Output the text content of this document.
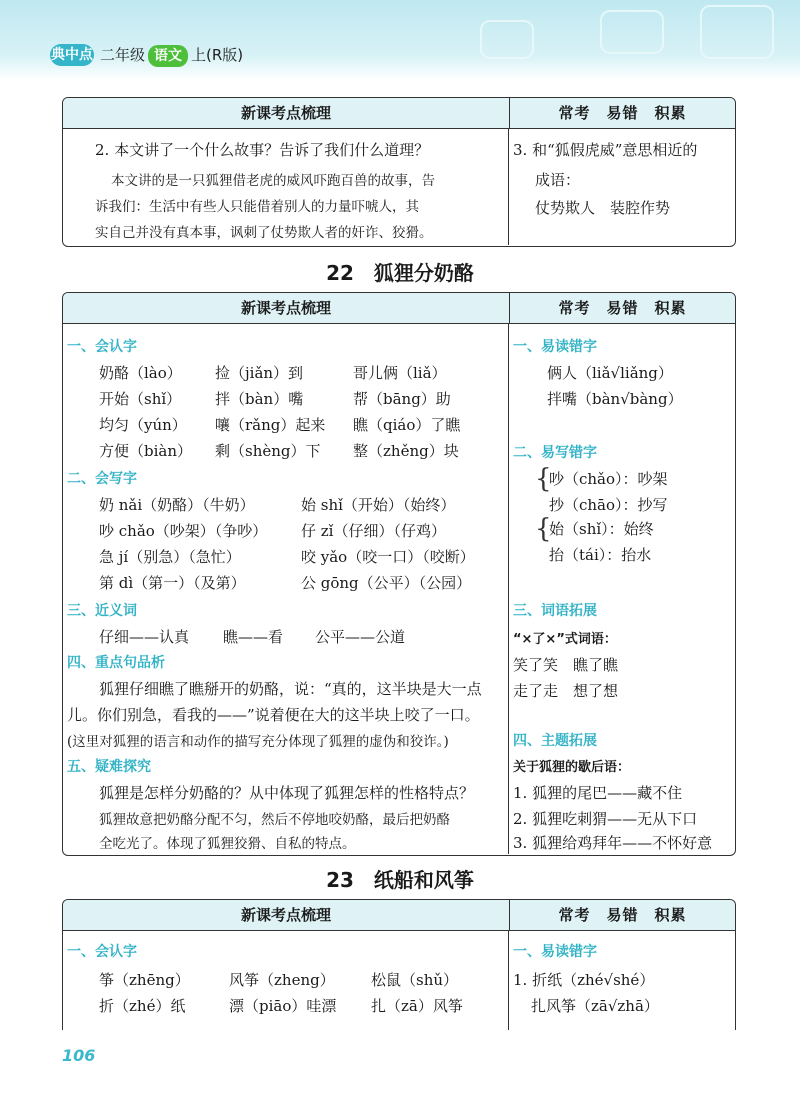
典中点 二年级 语文 上(R版)
新课考点梳理	常考　易错　积累
2. 本文讲了一个什么故事？告诉了我们什么道理？
本文讲的是一只狐狸借老虎的威风吓跑百兽的故事，告
诉我们：生活中有些人只能借着别人的力量吓唬人，其
实自己并没有真本事，讽刺了仗势欺人者的奸诈、狡猾。
3. 和“狐假虎威”意思相近的
成语：
仗势欺人　装腔作势
22　狐狸分奶酪
新课考点梳理	常考　易错　积累
一、会认字
奶酪（lào） 捡（jiǎn）到	哥儿俩（liǎ）
开始（shǐ） 拌（bàn）嘴	帮（bāng）助
均匀（yún） 嚷（rǎng）起来 瞧（qiáo）了瞧
方便（biàn） 剩（shèng）下 整（zhěng）块
二、会写字
奶 nǎi（奶酪）（牛奶）	始 shǐ（开始）（始终）
吵 chǎo（吵架）（争吵） 仔 zǐ（仔细）（仔鸡）
急 jí（别急）（急忙）	咬 yǎo（咬一口）（咬断）
第 dì（第一）（及第）	公 gōng（公平）（公园）
三、近义词
仔细——认真 瞧——看 公平——公道
四、重点句品析
狐狸仔细瞧了瞧掰开的奶酪，说：“真的，这半块是大一点
儿。你们别急，看我的——”说着便在大的这半块上咬了一口。
(这里对狐狸的语言和动作的描写充分体现了狐狸的虚伪和狡诈。)
五、疑难探究
狐狸是怎样分奶酪的？从中体现了狐狸怎样的性格特点？
狐狸故意把奶酪分配不匀，然后不停地咬奶酪，最后把奶酪
全吃光了。体现了狐狸狡猾、自私的特点。
一、易读错字
俩人（liǎ√liǎng）
拌嘴（bàn√bàng）
二、易写错字
{
吵（chǎo）：吵架
抄（chāo）：抄写
{
始（shǐ）：始终
抬（tái）：抬水
三、词语拓展
“×了×”式词语：
笑了笑　瞧了瞧
走了走　想了想
四、主题拓展
关于狐狸的歇后语：
1. 狐狸的尾巴——藏不住
2. 狐狸吃刺猬——无从下口
3. 狐狸给鸡拜年——不怀好意
23　纸船和风筝
新课考点梳理	常考　易错　积累
一、会认字
筝（zhēng）	风筝（zheng） 松鼠（shǔ）
折（zhé）纸	漂（piāo）哇漂 扎（zā）风筝
一、易读错字
1. 折纸（zhé√shé）
扎风筝（zā√zhā）
106
